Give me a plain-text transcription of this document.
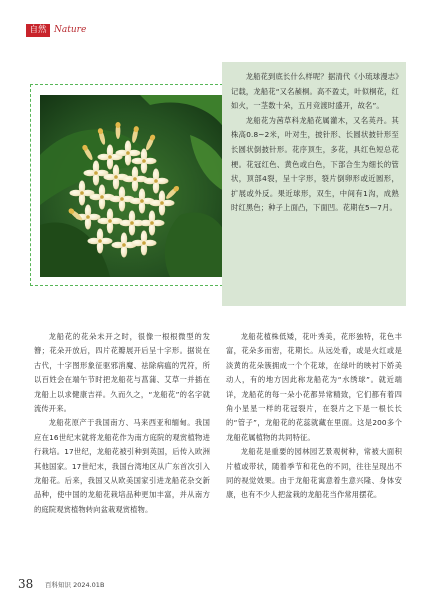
自然 Nature

龙船花到底长什么样呢？据清代《小琉球漫志》记载，龙船花“又名赪桐。高不盈丈，叶似桐花，红如火，一茎数十朵，五月竞渡时盛开，故名”。

龙船花为茜草科龙船花属灌木，又名英丹。其株高0.8~2米，叶对生，披针形、长圆状披针形至长圆状倒披针形。花序顶生，多花，具红色短总花梗。花冠红色、黄色或白色，下部合生为细长的管状，顶部4裂，呈十字形，裂片倒卵形或近圆形，扩展或外反。果近球形，双生，中间有1沟，成熟时红黑色；种子上面凸，下面凹。花期在5—7月。

龙船花的花朵未开之时，很像一根根微型的发簪；花朵开放后，四片花瓣展开后呈十字形。据说在古代，十字图形象征驱邪消魔、祛除病瘟的咒符，所以百姓会在端午节时把龙船花与菖蒲、艾草一并插在龙船上以求健康吉祥。久而久之，“龙船花”的名字就流传开来。

龙船花原产于我国南方、马来西亚和缅甸。我国应在16世纪末就将龙船花作为南方庭院的观赏植物进行栽培。17世纪，龙船花被引种到英国，后传入欧洲其他国家。17世纪末，我国台湾地区从广东首次引入龙船花。后来，我国又从欧美国家引进龙船花杂交新品种，使中国的龙船花栽培品种更加丰富，并从南方的庭院观赏植物转向盆栽观赏植物。

龙船花植株低矮，花叶秀美，花形独特，花色丰富，花朵多而密，花期长。从远处看，或是火红或是淡黄的花朵簇拥成一个个花球，在绿叶的映衬下娇美动人，有的地方因此称龙船花为“水绣球”。就近端详，龙船花的每一朵小花都异常精致，它们都有着四角小星星一样的花冠裂片，在裂片之下是一根长长的“管子”，龙船花的花蕊就藏在里面。这是200多个龙船花属植物的共同特征。

龙船花是重要的园林园艺景观树种，常被大面积片植或带状，随着季节和花色的不同，往往呈现出不同的视觉效果。由于龙船花寓意着生意兴隆、身体安康，也有不少人把盆栽的龙船花当作常用摆花。

38 百科知识 2024.01B
